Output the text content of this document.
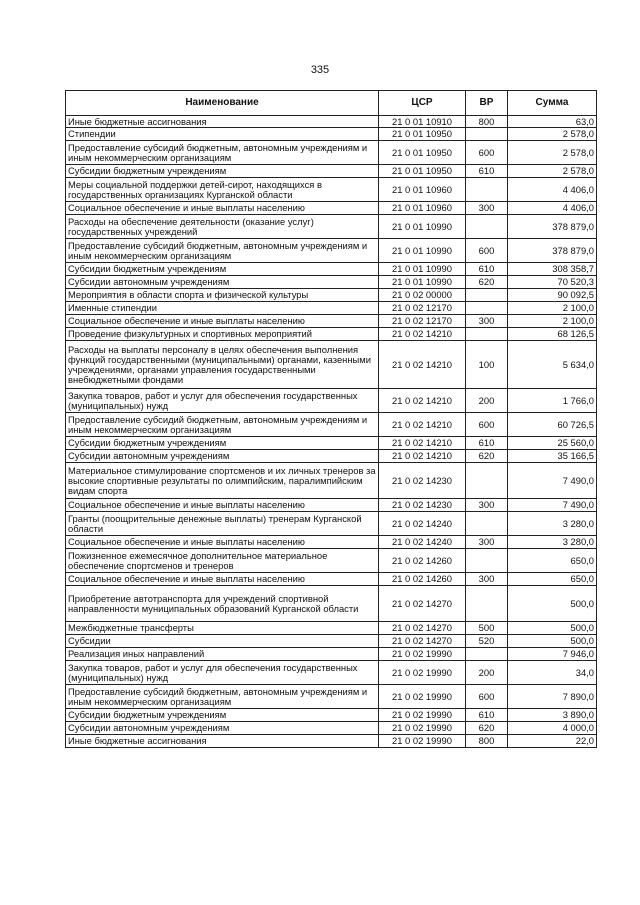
335
Наименование	ЦСР	ВР	Сумма
Иные бюджетные ассигнования	21 0 01 10910	800	63,0
Стипендии	21 0 01 10950		2 578,0
Предоставление субсидий бюджетным, автономным учреждениям и иным некоммерческим организациям	21 0 01 10950	600	2 578,0
Субсидии бюджетным учреждениям	21 0 01 10950	610	2 578,0
Меры социальной поддержки детей-сирот, находящихся в государственных организациях Курганской области	21 0 01 10960		4 406,0
Социальное обеспечение и иные выплаты населению	21 0 01 10960	300	4 406,0
Расходы на обеспечение деятельности (оказание услуг) государственных учреждений	21 0 01 10990		378 879,0
Предоставление субсидий бюджетным, автономным учреждениям и иным некоммерческим организациям	21 0 01 10990	600	378 879,0
Субсидии бюджетным учреждениям	21 0 01 10990	610	308 358,7
Субсидии автономным учреждениям	21 0 01 10990	620	70 520,3
Мероприятия в области спорта и физической культуры	21 0 02 00000		90 092,5
Именные стипендии	21 0 02 12170		2 100,0
Социальное обеспечение и иные выплаты населению	21 0 02 12170	300	2 100,0
Проведение физкультурных и спортивных мероприятий	21 0 02 14210		68 126,5
Расходы на выплаты персоналу в целях обеспечения выполнения функций государственными (муниципальными) органами, казенными учреждениями, органами управления государственными внебюджетными фондами	21 0 02 14210	100	5 634,0
Закупка товаров, работ и услуг для обеспечения государственных (муниципальных) нужд	21 0 02 14210	200	1 766,0
Предоставление субсидий бюджетным, автономным учреждениям и иным некоммерческим организациям	21 0 02 14210	600	60 726,5
Субсидии бюджетным учреждениям	21 0 02 14210	610	25 560,0
Субсидии автономным учреждениям	21 0 02 14210	620	35 166,5
Материальное стимулирование спортсменов и их личных тренеров за высокие спортивные результаты по олимпийским, паралимпийским видам спорта	21 0 02 14230		7 490,0
Социальное обеспечение и иные выплаты населению	21 0 02 14230	300	7 490,0
Гранты (поощрительные денежные выплаты) тренерам Курганской области	21 0 02 14240		3 280,0
Социальное обеспечение и иные выплаты населению	21 0 02 14240	300	3 280,0
Пожизненное ежемесячное дополнительное материальное обеспечение спортсменов и тренеров	21 0 02 14260		650,0
Социальное обеспечение и иные выплаты населению	21 0 02 14260	300	650,0
Приобретение автотранспорта для учреждений спортивной направленности муниципальных образований Курганской области	21 0 02 14270		500,0
Межбюджетные трансферты	21 0 02 14270	500	500,0
Субсидии	21 0 02 14270	520	500,0
Реализация иных направлений	21 0 02 19990		7 946,0
Закупка товаров, работ и услуг для обеспечения государственных (муниципальных) нужд	21 0 02 19990	200	34,0
Предоставление субсидий бюджетным, автономным учреждениям и иным некоммерческим организациям	21 0 02 19990	600	7 890,0
Субсидии бюджетным учреждениям	21 0 02 19990	610	3 890,0
Субсидии автономным учреждениям	21 0 02 19990	620	4 000,0
Иные бюджетные ассигнования	21 0 02 19990	800	22,0
